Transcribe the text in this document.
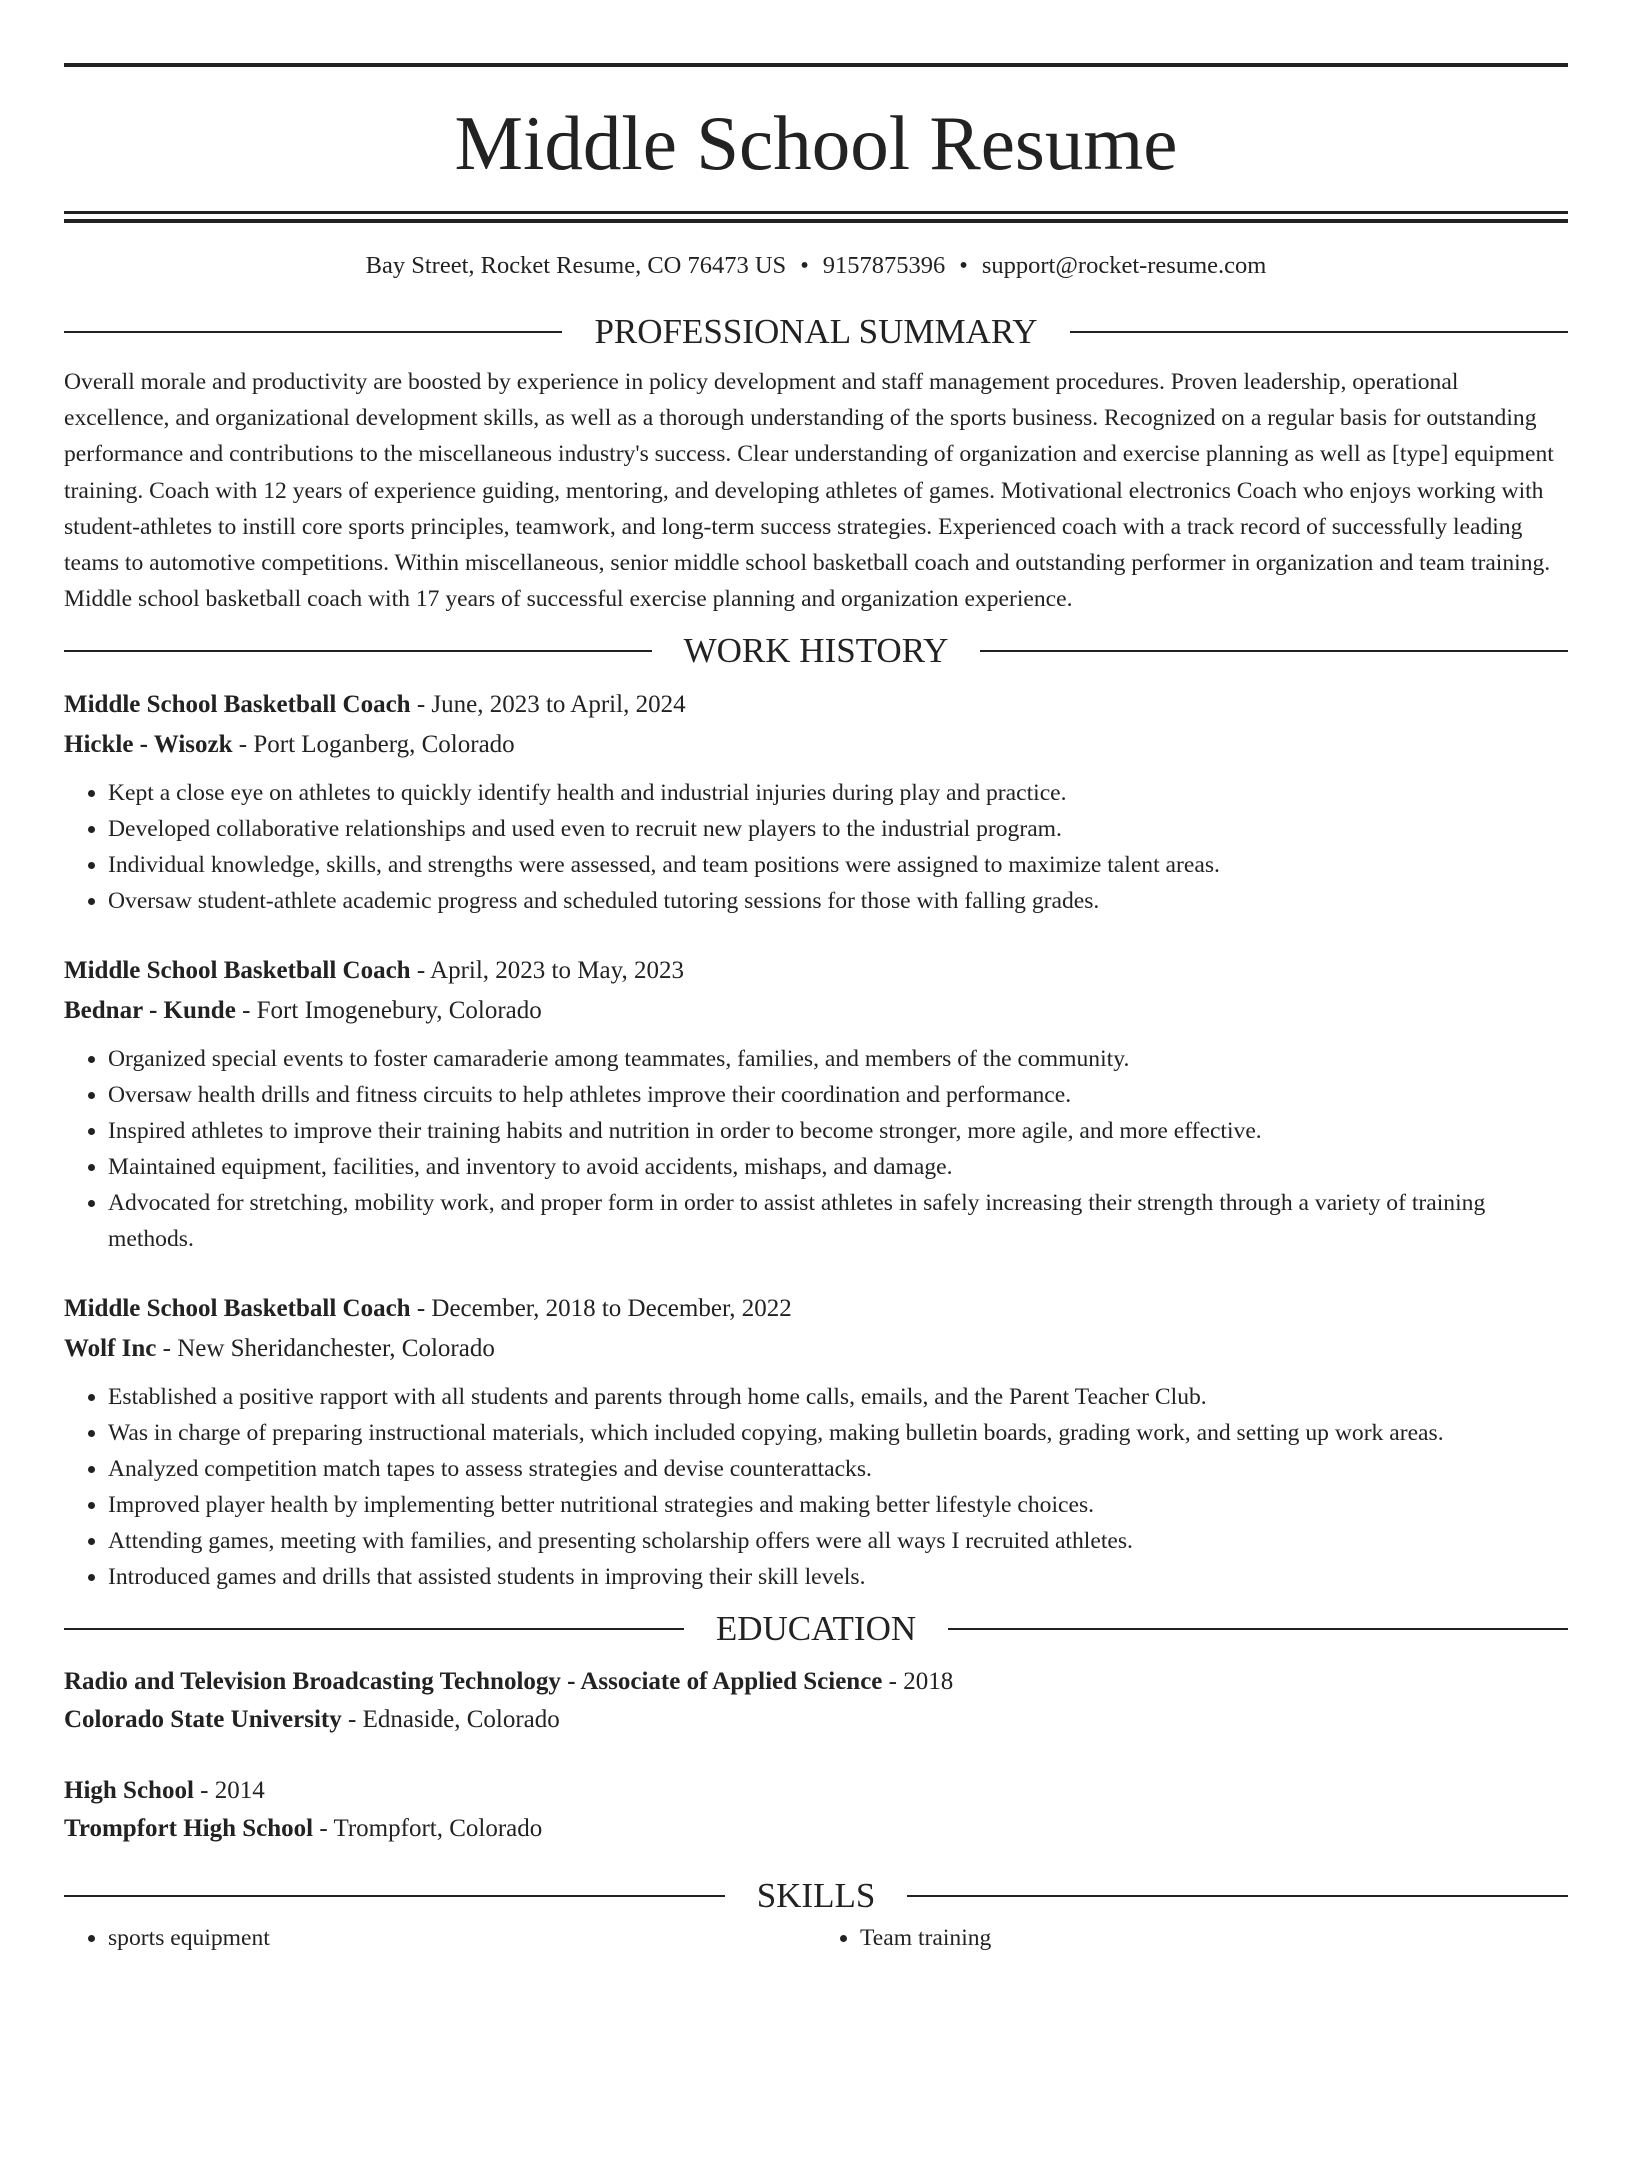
Middle School Resume
Bay Street, Rocket Resume, CO 76473 US • 9157875396 • support@rocket-resume.com
PROFESSIONAL SUMMARY
Overall morale and productivity are boosted by experience in policy development and staff management procedures. Proven leadership, operational excellence, and organizational development skills, as well as a thorough understanding of the sports business. Recognized on a regular basis for outstanding performance and contributions to the miscellaneous industry's success. Clear understanding of organization and exercise planning as well as [type] equipment training. Coach with 12 years of experience guiding, mentoring, and developing athletes of games. Motivational electronics Coach who enjoys working with student-athletes to instill core sports principles, teamwork, and long-term success strategies. Experienced coach with a track record of successfully leading teams to automotive competitions. Within miscellaneous, senior middle school basketball coach and outstanding performer in organization and team training. Middle school basketball coach with 17 years of successful exercise planning and organization experience.
WORK HISTORY
Middle School Basketball Coach - June, 2023 to April, 2024
Hickle - Wisozk - Port Loganberg, Colorado
• Kept a close eye on athletes to quickly identify health and industrial injuries during play and practice.
• Developed collaborative relationships and used even to recruit new players to the industrial program.
• Individual knowledge, skills, and strengths were assessed, and team positions were assigned to maximize talent areas.
• Oversaw student-athlete academic progress and scheduled tutoring sessions for those with falling grades.
Middle School Basketball Coach - April, 2023 to May, 2023
Bednar - Kunde - Fort Imogenebury, Colorado
• Organized special events to foster camaraderie among teammates, families, and members of the community.
• Oversaw health drills and fitness circuits to help athletes improve their coordination and performance.
• Inspired athletes to improve their training habits and nutrition in order to become stronger, more agile, and more effective.
• Maintained equipment, facilities, and inventory to avoid accidents, mishaps, and damage.
• Advocated for stretching, mobility work, and proper form in order to assist athletes in safely increasing their strength through a variety of training methods.
Middle School Basketball Coach - December, 2018 to December, 2022
Wolf Inc - New Sheridanchester, Colorado
• Established a positive rapport with all students and parents through home calls, emails, and the Parent Teacher Club.
• Was in charge of preparing instructional materials, which included copying, making bulletin boards, grading work, and setting up work areas.
• Analyzed competition match tapes to assess strategies and devise counterattacks.
• Improved player health by implementing better nutritional strategies and making better lifestyle choices.
• Attending games, meeting with families, and presenting scholarship offers were all ways I recruited athletes.
• Introduced games and drills that assisted students in improving their skill levels.
EDUCATION
Radio and Television Broadcasting Technology - Associate of Applied Science - 2018
Colorado State University - Ednaside, Colorado
High School - 2014
Trompfort High School - Trompfort, Colorado
SKILLS
• sports equipment
•	Team training
